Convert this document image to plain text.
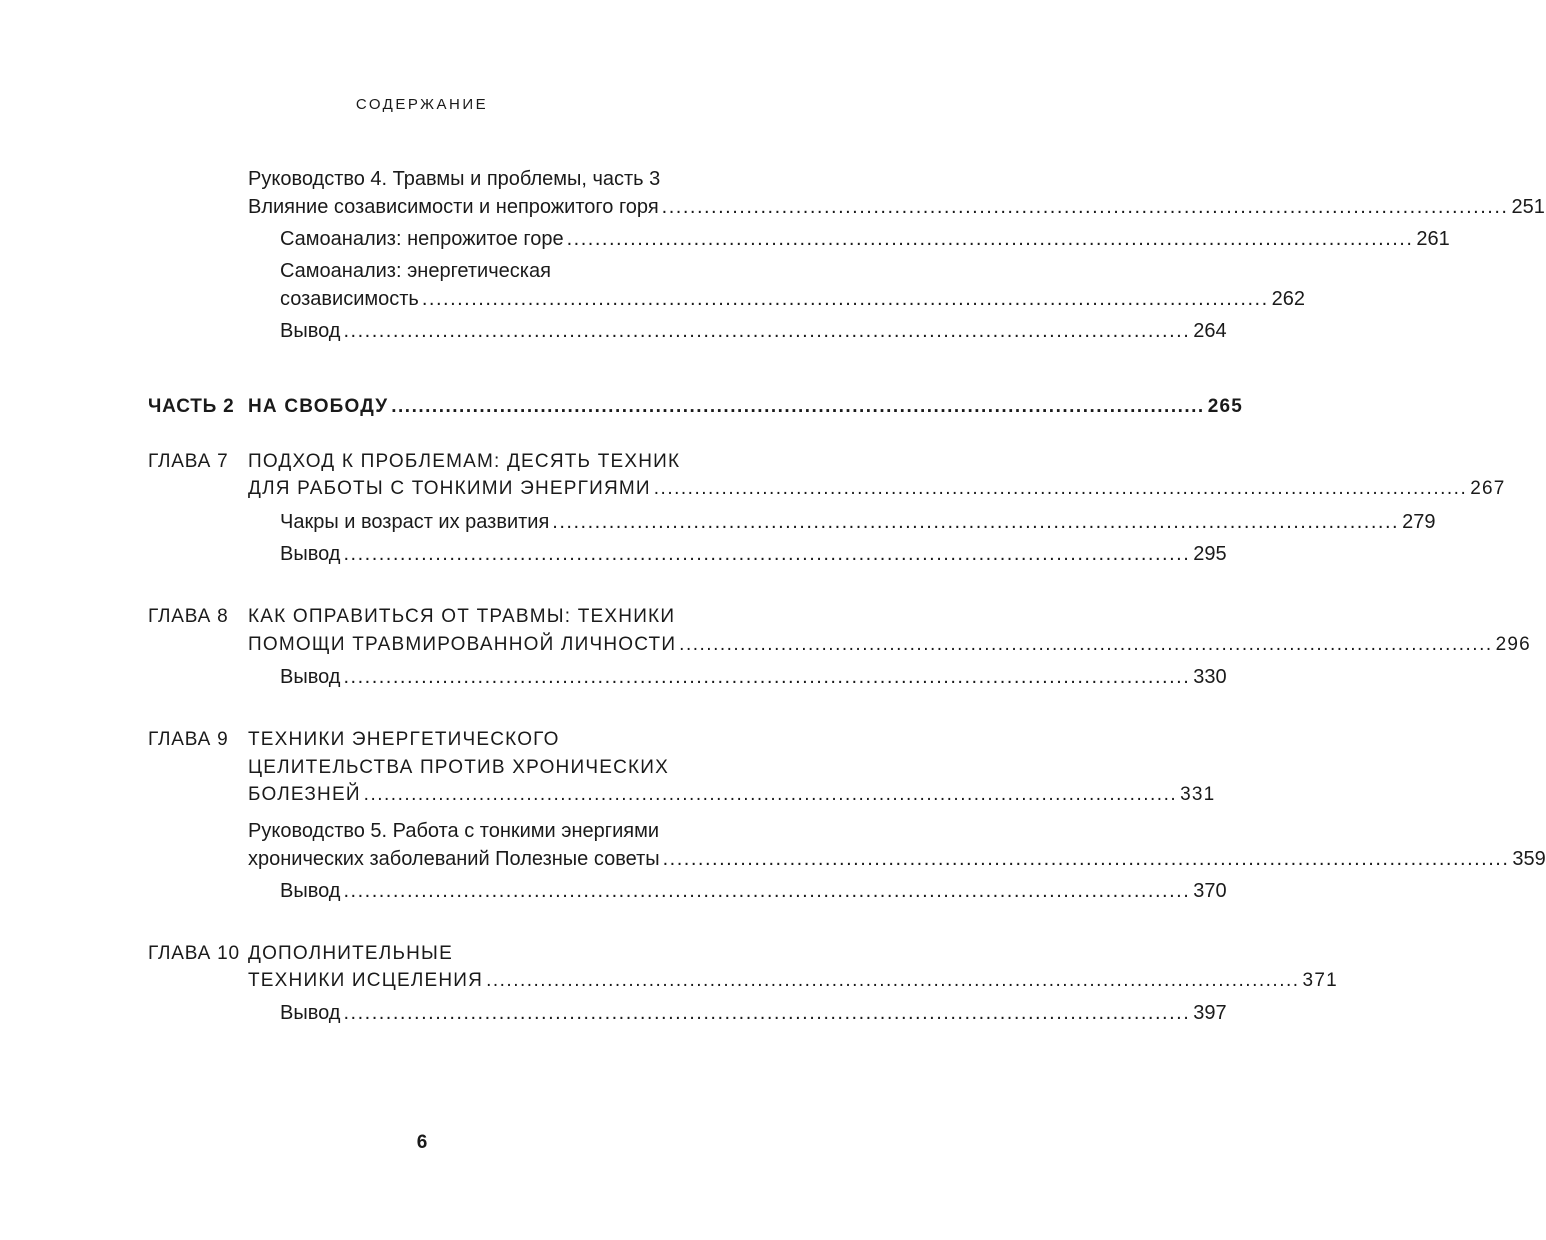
СОДЕРЖАНИЕ
Руководство 4. Травмы и проблемы, часть 3
Влияние созависимости и непрожитого горя ........................................................................................................................ 251
Самоанализ: непрожитое горе ........................................................................................................................ 261
Самоанализ: энергетическая
созависимость ........................................................................................................................ 262
Вывод ........................................................................................................................ 264
ЧАСТЬ 2 НА СВОБОДУ ........................................................................................................................ 265
ГЛАВА 7 ПОДХОД К ПРОБЛЕМАМ: ДЕСЯТЬ ТЕХНИК
ДЛЯ РАБОТЫ С ТОНКИМИ ЭНЕРГИЯМИ ........................................................................................................................ 267
Чакры и возраст их развития ........................................................................................................................ 279
Вывод ........................................................................................................................ 295
ГЛАВА 8 КАК ОПРАВИТЬСЯ ОТ ТРАВМЫ: ТЕХНИКИ
ПОМОЩИ ТРАВМИРОВАННОЙ ЛИЧНОСТИ ........................................................................................................................ 296
Вывод ........................................................................................................................ 330
ГЛАВА 9 ТЕХНИКИ ЭНЕРГЕТИЧЕСКОГО
ЦЕЛИТЕЛЬСТВА ПРОТИВ ХРОНИЧЕСКИХ
БОЛЕЗНЕЙ ........................................................................................................................ 331
Руководство 5. Работа с тонкими энергиями
хронических заболеваний Полезные советы ........................................................................................................................ 359
Вывод ........................................................................................................................ 370
ГЛАВА 10 ДОПОЛНИТЕЛЬНЫЕ
ТЕХНИКИ ИСЦЕЛЕНИЯ ........................................................................................................................ 371
Вывод ........................................................................................................................ 397
6
